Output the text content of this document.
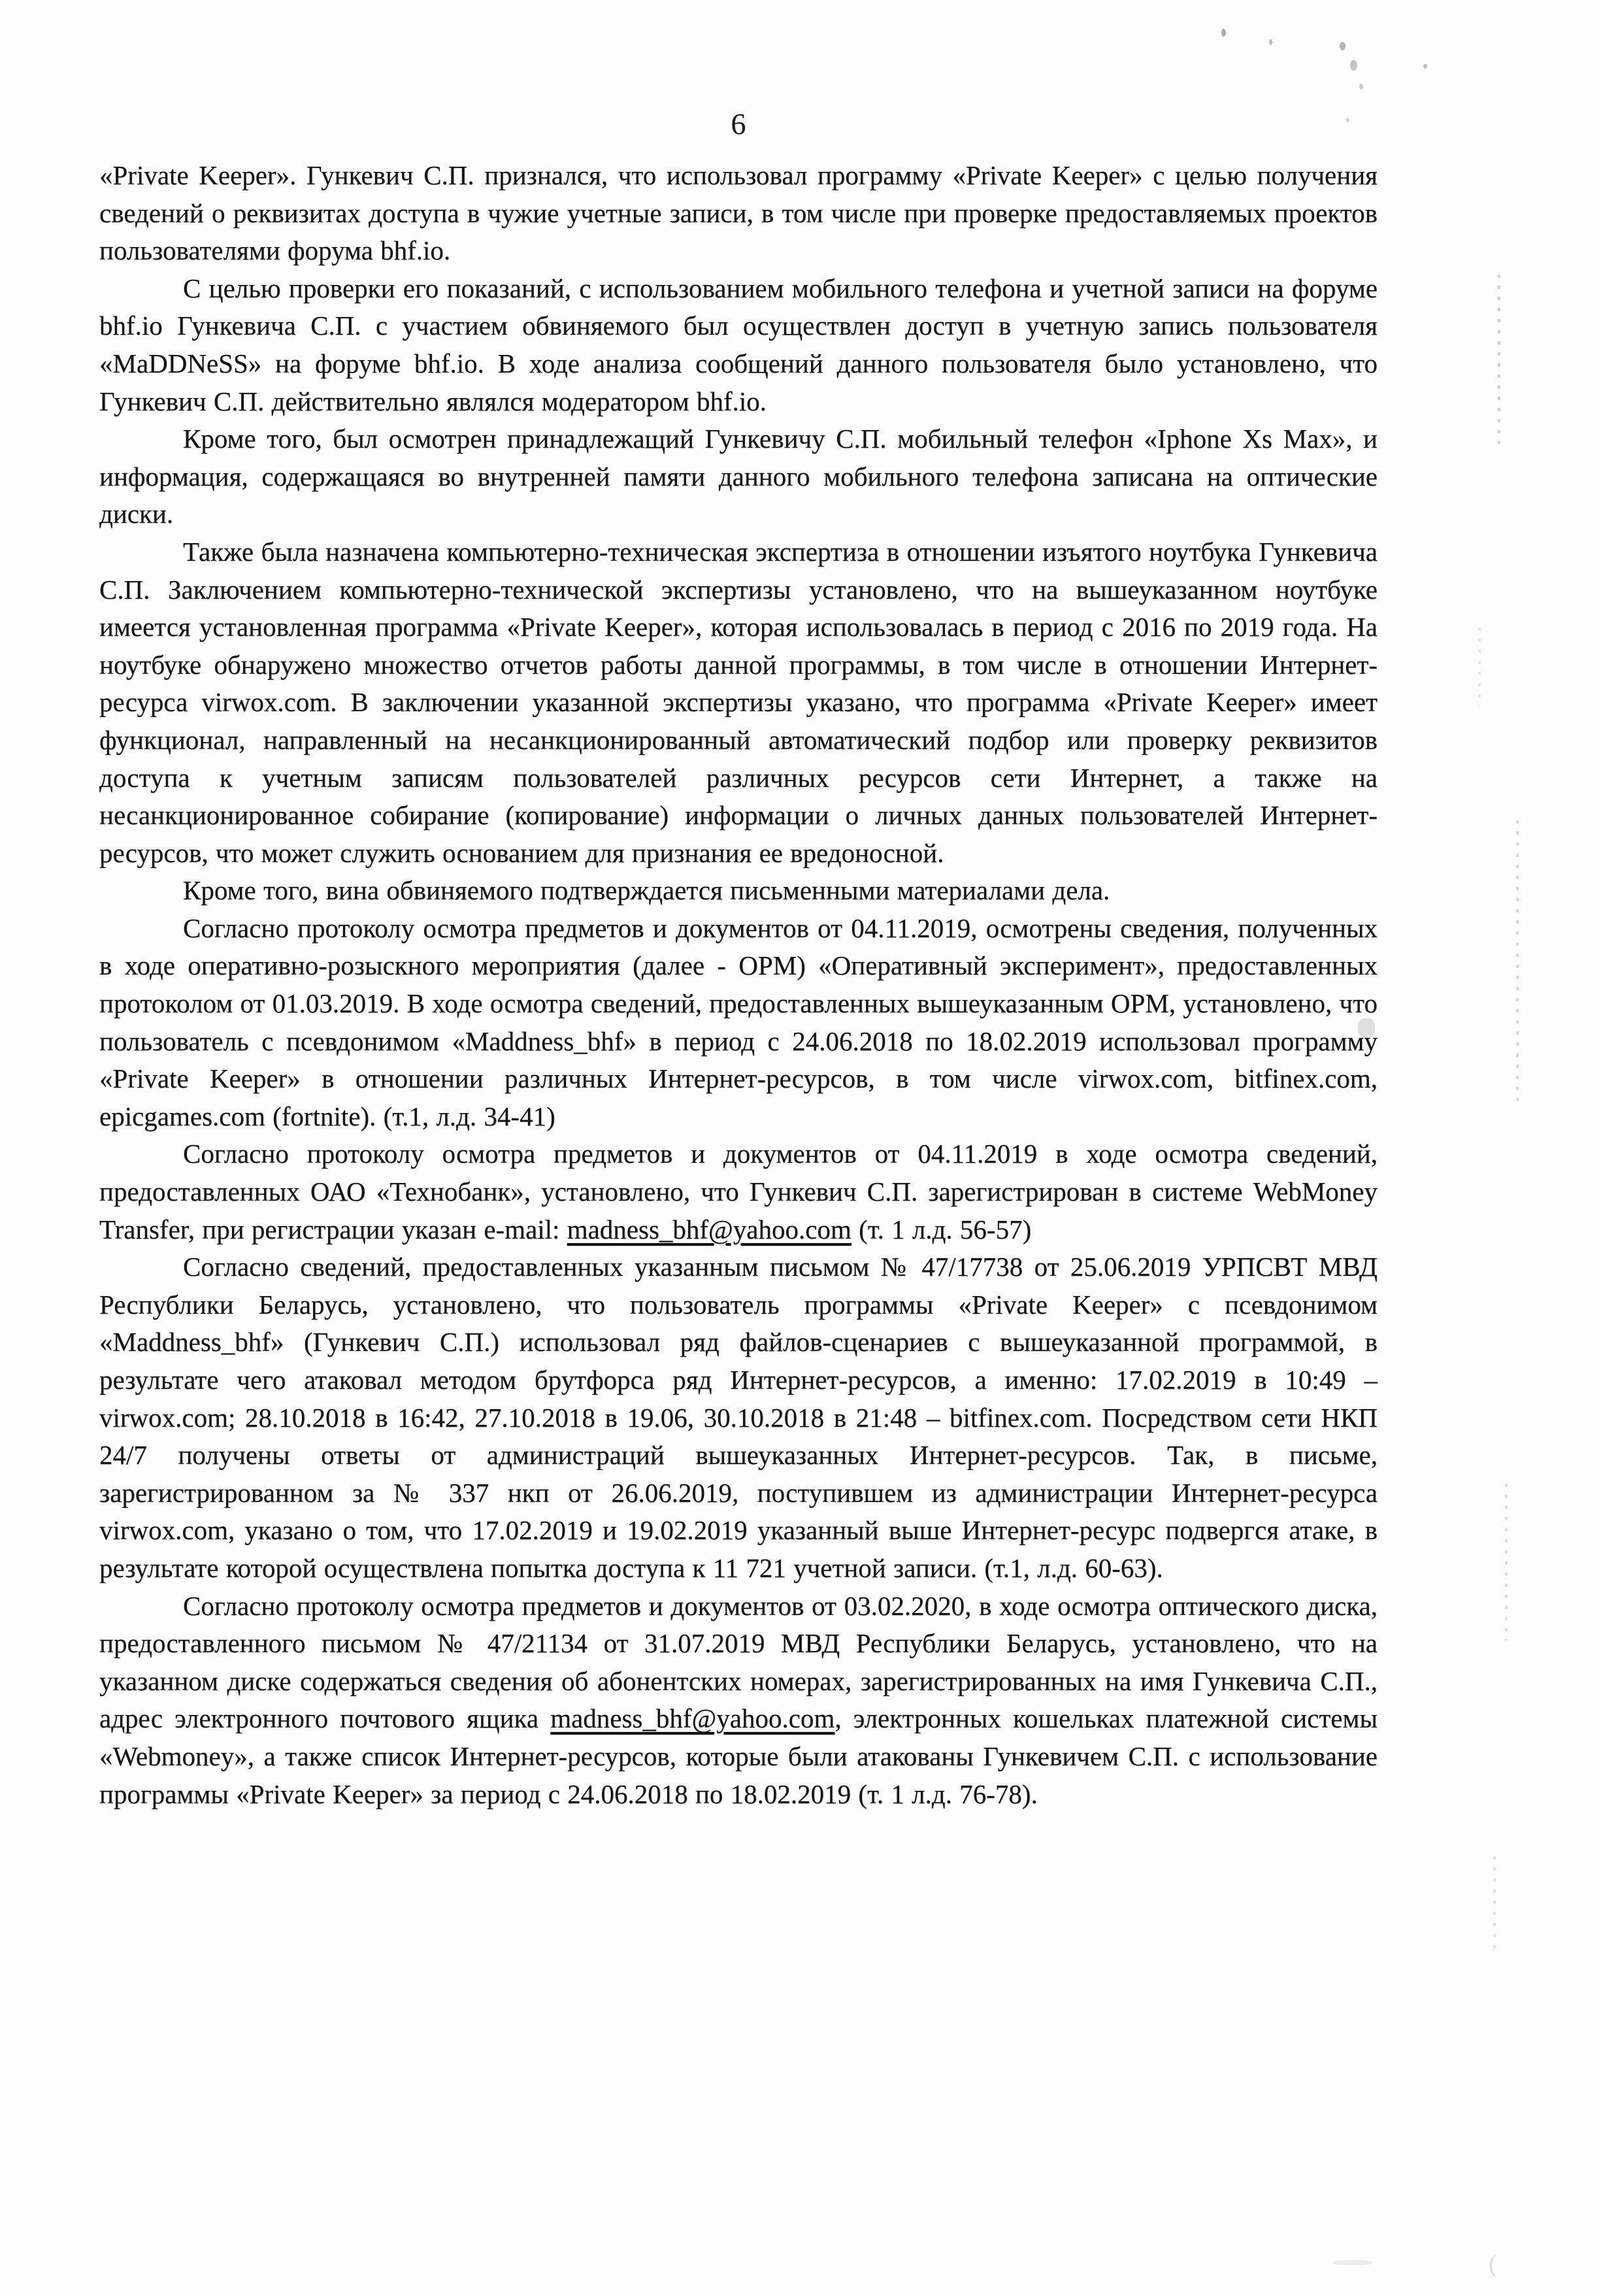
6

«Private Keeper». Гункевич С.П. признался, что использовал программу «Private Keeper» с целью получения сведений о реквизитах доступа в чужие учетные записи, в том числе при проверке предоставляемых проектов пользователями форума bhf.io.

С целью проверки его показаний, с использованием мобильного телефона и учетной записи на форуме bhf.io Гункевича С.П. с участием обвиняемого был осуществлен доступ в учетную запись пользователя «MaDDNeSS» на форуме bhf.io. В ходе анализа сообщений данного пользователя было установлено, что Гункевич С.П. действительно являлся модератором bhf.io.

Кроме того, был осмотрен принадлежащий Гункевичу С.П. мобильный телефон «Iphone Xs Max», и информация, содержащаяся во внутренней памяти данного мобильного телефона записана на оптические диски.

Также была назначена компьютерно-техническая экспертиза в отношении изъятого ноутбука Гункевича С.П. Заключением компьютерно-технической экспертизы установлено, что на вышеуказанном ноутбуке имеется установленная программа «Private Keeper», которая использовалась в период с 2016 по 2019 года. На ноутбуке обнаружено множество отчетов работы данной программы, в том числе в отношении Интернет-ресурса virwox.com. В заключении указанной экспертизы указано, что программа «Private Keeper» имеет функционал, направленный на несанкционированный автоматический подбор или проверку реквизитов доступа к учетным записям пользователей различных ресурсов сети Интернет, а также на несанкционированное собирание (копирование) информации о личных данных пользователей Интернет-ресурсов, что может служить основанием для признания ее вредоносной.

Кроме того, вина обвиняемого подтверждается письменными материалами дела.

Согласно протоколу осмотра предметов и документов от 04.11.2019, осмотрены сведения, полученных в ходе оперативно-розыскного мероприятия (далее - ОРМ) «Оперативный эксперимент», предоставленных протоколом от 01.03.2019. В ходе осмотра сведений, предоставленных вышеуказанным ОРМ, установлено, что пользователь с псевдонимом «Maddness_bhf» в период с 24.06.2018 по 18.02.2019 использовал программу «Private Keeper» в отношении различных Интернет-ресурсов, в том числе virwox.com, bitfinex.com, epicgames.com (fortnite). (т.1, л.д. 34-41)

Согласно протоколу осмотра предметов и документов от 04.11.2019 в ходе осмотра сведений, предоставленных ОАО «Технобанк», установлено, что Гункевич С.П. зарегистрирован в системе WebMoney Transfer, при регистрации указан e-mail: madness_bhf@yahoo.com (т. 1 л.д. 56-57)

Согласно сведений, предоставленных указанным письмом № 47/17738 от 25.06.2019 УРПСВТ МВД Республики Беларусь, установлено, что пользователь программы «Private Keeper» с псевдонимом «Maddness_bhf» (Гункевич С.П.) использовал ряд файлов-сценариев с вышеуказанной программой, в результате чего атаковал методом брутфорса ряд Интернет-ресурсов, а именно: 17.02.2019 в 10:49 – virwox.com; 28.10.2018 в 16:42, 27.10.2018 в 19.06, 30.10.2018 в 21:48 – bitfinex.com. Посредством сети НКП 24/7 получены ответы от администраций вышеуказанных Интернет-ресурсов. Так, в письме, зарегистрированном за № 337 нкп от 26.06.2019, поступившем из администрации Интернет-ресурса virwox.com, указано о том, что 17.02.2019 и 19.02.2019 указанный выше Интернет-ресурс подвергся атаке, в результате которой осуществлена попытка доступа к 11 721 учетной записи. (т.1, л.д. 60-63).

Согласно протоколу осмотра предметов и документов от 03.02.2020, в ходе осмотра оптического диска, предоставленного письмом № 47/21134 от 31.07.2019 МВД Республики Беларусь, установлено, что на указанном диске содержаться сведения об абонентских номерах, зарегистрированных на имя Гункевича С.П., адрес электронного почтового ящика madness_bhf@yahoo.com, электронных кошельках платежной системы «Webmoney», а также список Интернет-ресурсов, которые были атакованы Гункевичем С.П. с использование программы «Private Keeper» за период с 24.06.2018 по 18.02.2019 (т. 1 л.д. 76-78).

(
